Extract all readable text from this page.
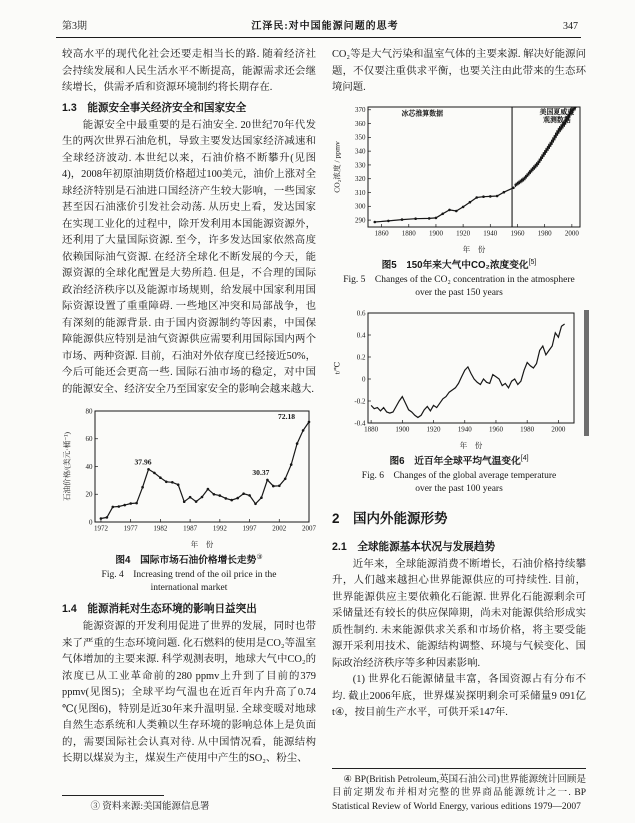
第3期	江泽民:对中国能源问题的思考	347

较高水平的现代化社会还要走相当长的路. 随着经济社会持续发展和人民生活水平不断提高，能源需求还会继续增长，供需矛盾和资源环境制约将长期存在.

1.3　能源安全事关经济安全和国家安全

能源安全中最重要的是石油安全. 20世纪70年代发生的两次世界石油危机，导致主要发达国家经济减速和全球经济波动. 本世纪以来，石油价格不断攀升(见图4)，2008年初原油期货价格超过100美元，油价上涨对全球经济特别是石油进口国经济产生较大影响，一些国家甚至因石油涨价引发社会动荡. 从历史上看，发达国家在实现工业化的过程中，除开发利用本国能源资源外，还利用了大量国际资源. 至今，许多发达国家依然高度依赖国际油气资源. 在经济全球化不断发展的今天，能源资源的全球化配置是大势所趋. 但是，不合理的国际政治经济秩序以及能源市场规则，给发展中国家利用国际资源设置了重重障碍. 一些地区冲突和局部战争，也有深刻的能源背景. 由于国内资源制约等因素，中国保障能源供应特别是油气资源供应需要利用国际国内两个市场、两种资源. 目前，石油对外依存度已经接近50%，今后可能还会更高一些. 国际石油市场的稳定，对中国的能源安全、经济安全乃至国家安全的影响会越来越大.

1972 1977 1982 1987 1992 1997 2002 2007
0
20
40
60
80
37.96
30.37
72.18
年　份
石油价格/(美元·桶⁻¹)
图4　国际市场石油价格增长走势③
Fig. 4　Increasing trend of the oil price in the
international market
1.4　能源消耗对生态环境的影响日益突出

能源资源的开发利用促进了世界的发展，同时也带来了严重的生态环境问题. 化石燃料的使用是CO₂等温室气体增加的主要来源. 科学观测表明，地球大气中CO₂的浓度已从工业革命前的280 ppmv上升到了目前的379 ppmv(见图5)；全球平均气温也在近百年内升高了0.74 ℃(见图6)，特别是近30年来升温明显. 全球变暖对地球自然生态系统和人类赖以生存环境的影响总体上是负面的，需要国际社会认真对待. 从中国情况看，能源结构长期以煤炭为主，煤炭生产使用中产生的SO₂、粉尘、

③ 资料来源:美国能源信息署

CO₂等是大气污染和温室气体的主要来源. 解决好能源问题，不仅要注重供求平衡，也要关注由此带来的生态环境问题.

1860 1880 1900 1920 1940 1960 1980 2000
290
300
310
320
330
340
350
360
370	冰芯推算数据	美国夏威夷
观测数据
年　份
CO₂浓度 / ppmv
图5　150年来大气中CO₂浓度变化[5]
Fig. 5　Changes of the CO₂ concentration in the atmosphere
over the past 150 years
1880 1900 1920 1940 1960 1980 2000
-0.4
-0.2
0
0.2
0.4
0.6
年　份
t/℃
图6　近百年全球平均气温变化[4]
Fig. 6　Changes of the global average temperature
over the past 100 years
2　国内外能源形势
2.1　全球能源基本状况与发展趋势

近年来，全球能源消费不断增长，石油价格持续攀升，人们越来越担心世界能源供应的可持续性. 目前，世界能源供应主要依赖化石能源. 世界化石能源剩余可采储量还有较长的供应保障期，尚未对能源供给形成实质性制约. 未来能源供求关系和市场价格，将主要受能源开采利用技术、能源结构调整、环境与气候变化、国际政治经济秩序等多种因素影响.

(1) 世界化石能源储量丰富，各国资源占有分布不均. 截止2006年底，世界煤炭探明剩余可采储量9 091亿t④，按目前生产水平，可供开采147年.

④ BP(British Petroleum,英国石油公司)世界能源统计回顾是目前定期发布并相对完整的世界商品能源统计之一. BP Statistical Review of World Energy, various editions 1979—2007
